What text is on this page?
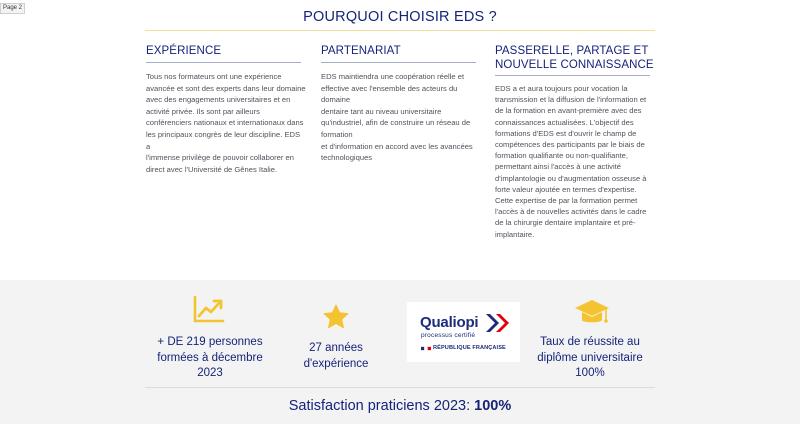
Page 2
POURQUOI CHOISIR EDS ?
EXPÉRIENCE

Tous nos formateurs ont une expérience
avancée et sont des experts dans leur domaine
avec des engagements universitaires et en
activité privée. Ils sont par ailleurs
conférenciers nationaux et internationaux dans
les principaux congrès de leur discipline. EDS a
l'immense privilège de pouvoir collaborer en
direct avec l'Université de Gênes Italie.

PARTENARIAT

EDS maintiendra une coopération réelle et
effective avec l'ensemble des acteurs du
domaine
dentaire tant au niveau universitaire
qu'industriel, afin de construire un réseau de
formation
et d'information en accord avec les avancées
technologiques

PASSERELLE, PARTAGE ET
NOUVELLE CONNAISSANCE

EDS a et aura toujours pour vocation la
transmission et la diffusion de l'information et
de la formation en avant-première avec des
connaissances actualisées. L'objectif des
formations d'EDS est d'ouvrir le champ de
compétences des participants par le biais de
formation qualifiante ou non-qualifiante,
permettant ainsi l'accès à une activité
d'implantologie ou d'augmentation osseuse à
forte valeur ajoutée en termes d'expertise.
Cette expertise de par la formation permet
l'accès à de nouvelles activités dans le cadre
de la chirurgie dentaire implantaire et pré-
implantaire.

+ DE 219 personnes
formées à décembre
2023
27 années
d'expérience
Qualiopi
processus certifié
RÉPUBLIQUE FRANÇAISE	Taux de réussite au
diplôme universitaire
100%
Satisfaction praticiens 2023: 100%
